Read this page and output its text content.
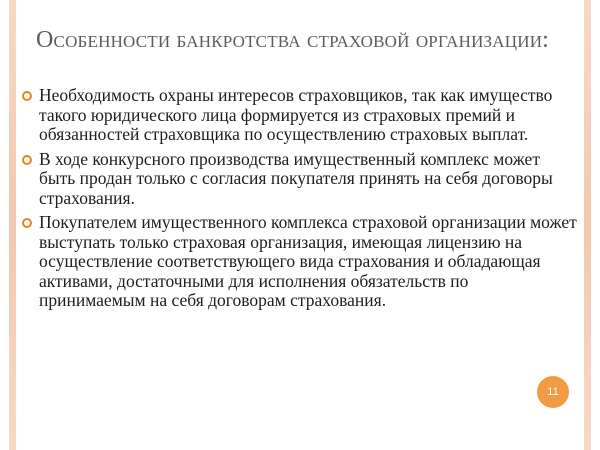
Особенности банкротства страховой организации:
Необходимость охраны интересов страховщиков, так как имущество такого юридического лица формируется из страховых премий и обязанностей страховщика по осуществлению страховых выплат.
В ходе конкурсного производства имущественный комплекс может быть продан только с согласия покупателя принять на себя договоры страхования.
Покупателем имущественного комплекса страховой организации может выступать только страховая организация, имеющая лицензию на осуществление соответствующего вида страхования и обладающая активами, достаточными для исполнения обязательств по принимаемым на себя договорам страхования.
11
